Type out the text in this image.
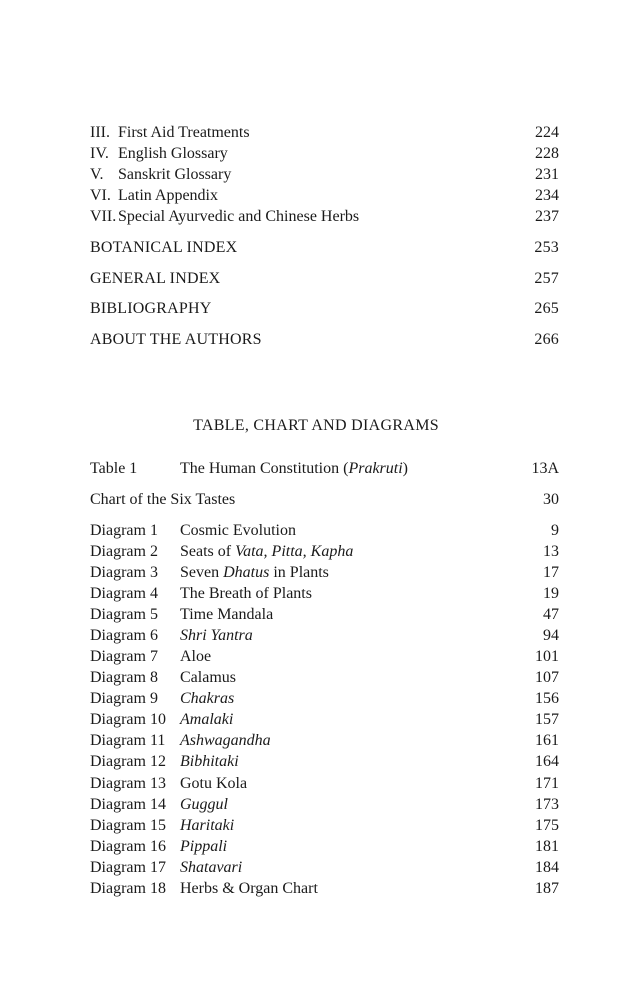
III. First Aid Treatments	224
IV. English Glossary	228
V. Sanskrit Glossary	231
VI. Latin Appendix	234
VII. Special Ayurvedic and Chinese Herbs	237
BOTANICAL INDEX	253
GENERAL INDEX	257
BIBLIOGRAPHY	265
ABOUT THE AUTHORS	266
TABLE, CHART AND DIAGRAMS
Table 1	The Human Constitution (Prakruti)	13A
Chart of the Six Tastes	30
Diagram 1 Cosmic Evolution	9
Diagram 2 Seats of Vata, Pitta, Kapha	13
Diagram 3 Seven Dhatus in Plants	17
Diagram 4 The Breath of Plants	19
Diagram 5 Time Mandala	47
Diagram 6 Shri Yantra	94
Diagram 7 Aloe	101
Diagram 8 Calamus	107
Diagram 9 Chakras	156
Diagram 10 Amalaki	157
Diagram 11 Ashwagandha	161
Diagram 12 Bibhitaki	164
Diagram 13 Gotu Kola	171
Diagram 14 Guggul	173
Diagram 15 Haritaki	175
Diagram 16 Pippali	181
Diagram 17 Shatavari	184
Diagram 18 Herbs & Organ Chart	187
